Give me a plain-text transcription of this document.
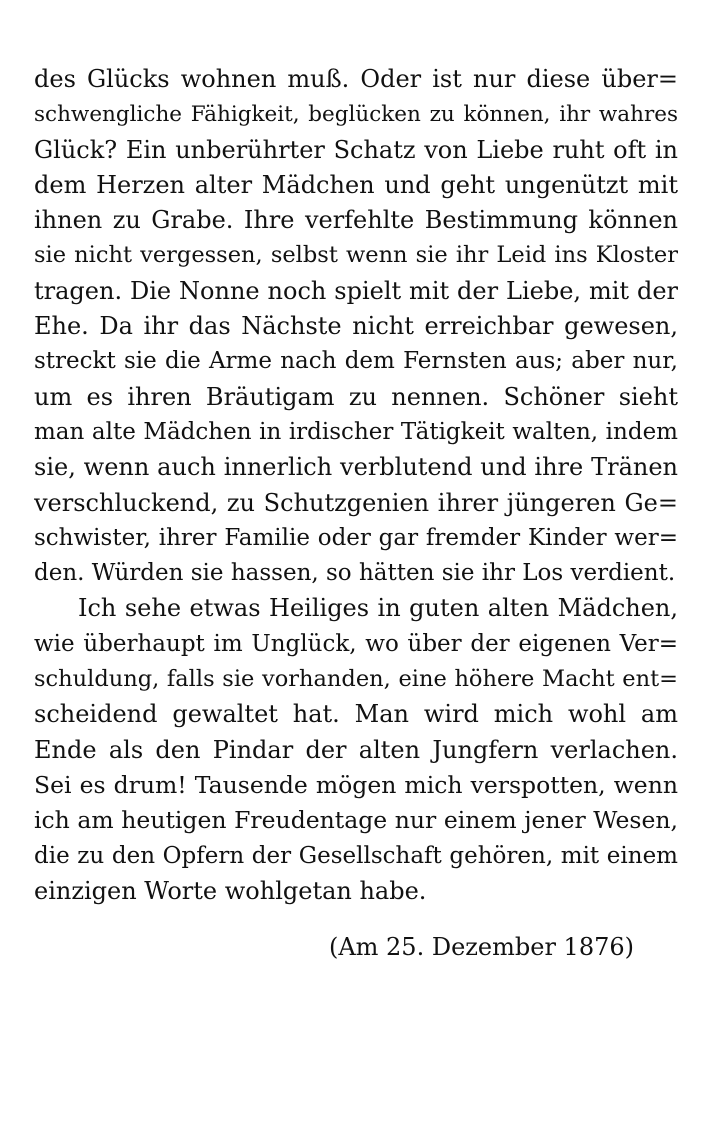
des Glücks wohnen muß. Oder ist nur diese über=
schwengliche Fähigkeit, beglücken zu können, ihr wahres
Glück? Ein unberührter Schatz von Liebe ruht oft in
dem Herzen alter Mädchen und geht ungenützt mit
ihnen zu Grabe. Ihre verfehlte Bestimmung können
sie nicht vergessen, selbst wenn sie ihr Leid ins Kloster
tragen. Die Nonne noch spielt mit der Liebe, mit der
Ehe. Da ihr das Nächste nicht erreichbar gewesen,
streckt sie die Arme nach dem Fernsten aus; aber nur,
um es ihren Bräutigam zu nennen. Schöner sieht
man alte Mädchen in irdischer Tätigkeit walten, indem
sie, wenn auch innerlich verblutend und ihre Tränen
verschluckend, zu Schutzgenien ihrer jüngeren Ge=
schwister, ihrer Familie oder gar fremder Kinder wer=
den. Würden sie hassen, so hätten sie ihr Los verdient.
Ich sehe etwas Heiliges in guten alten Mädchen,
wie überhaupt im Unglück, wo über der eigenen Ver=
schuldung, falls sie vorhanden, eine höhere Macht ent=
scheidend gewaltet hat. Man wird mich wohl am
Ende als den Pindar der alten Jungfern verlachen.
Sei es drum! Tausende mögen mich verspotten, wenn
ich am heutigen Freudentage nur einem jener Wesen,
die zu den Opfern der Gesellschaft gehören, mit einem
einzigen Worte wohlgetan habe.
(Am 25. Dezember 1876)
